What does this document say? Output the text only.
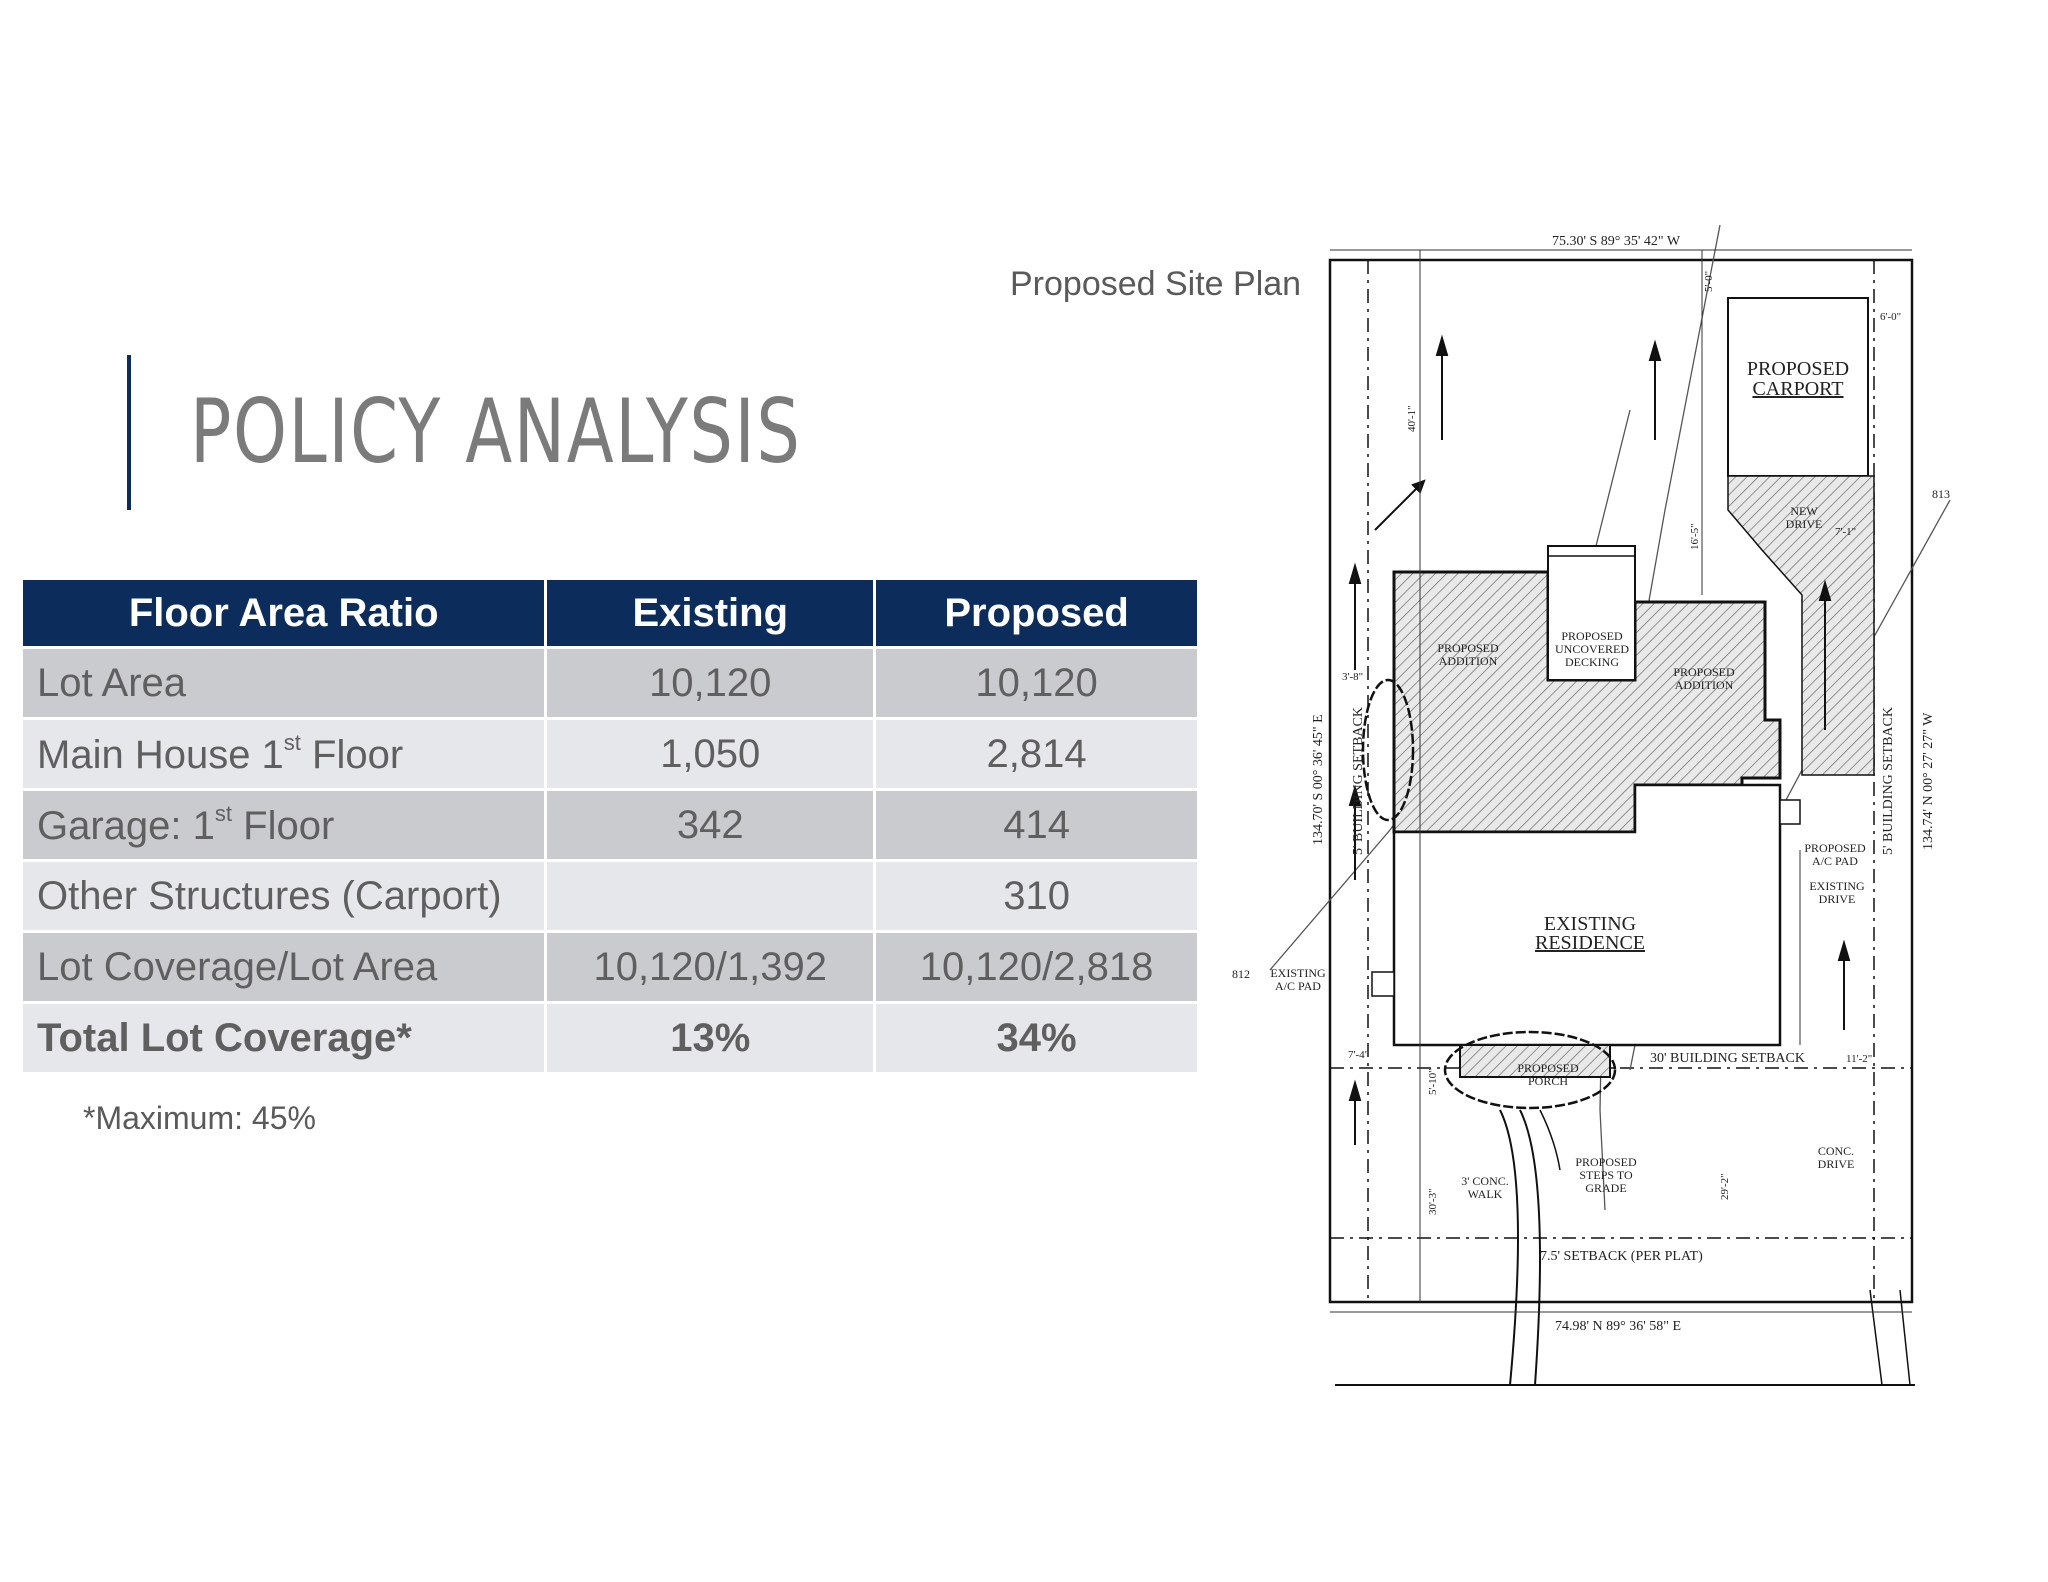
POLICY ANALYSIS
Proposed Site Plan
Floor Area Ratio	Existing	Proposed
Lot Area	10,120	10,120
Main House 1st Floor	1,050	2,814
Garage: 1st Floor	342	414
Other Structures (Carport)		310
Lot Coverage/Lot Area	10,120/1,392	10,120/2,818
Total Lot Coverage*	13%	34%
*Maximum: 45%
75.30' S 89° 35' 42" W
74.98' N 89° 36' 58" E
134.70' S 00° 36' 45" E	134.74' N 00° 27' 27" W
5' BUILDING SETBACK	5' BUILDING SETBACK
30' BUILDING SETBACK
7.5' SETBACK (PER PLAT)
PROPOSED
CARPORT
NEW
DRIVE
PROPOSED
ADDITION
PROPOSED
UNCOVERED
DECKING
PROPOSED
ADDITION
EXISTING
RESIDENCE
PROPOSED
A/C PAD
EXISTING
DRIVE
EXISTING
A/C PAD
812
813
PROPOSED
PORCH
PROPOSED
STEPS TO
GRADE
3' CONC.
WALK
CONC.
DRIVE
7'-4"	11'-2"
3'-8"
6'-0"
5'-0"
40'-1"
16'-5"
5'-10"
30'-3"
29'-2"
7'-1"
